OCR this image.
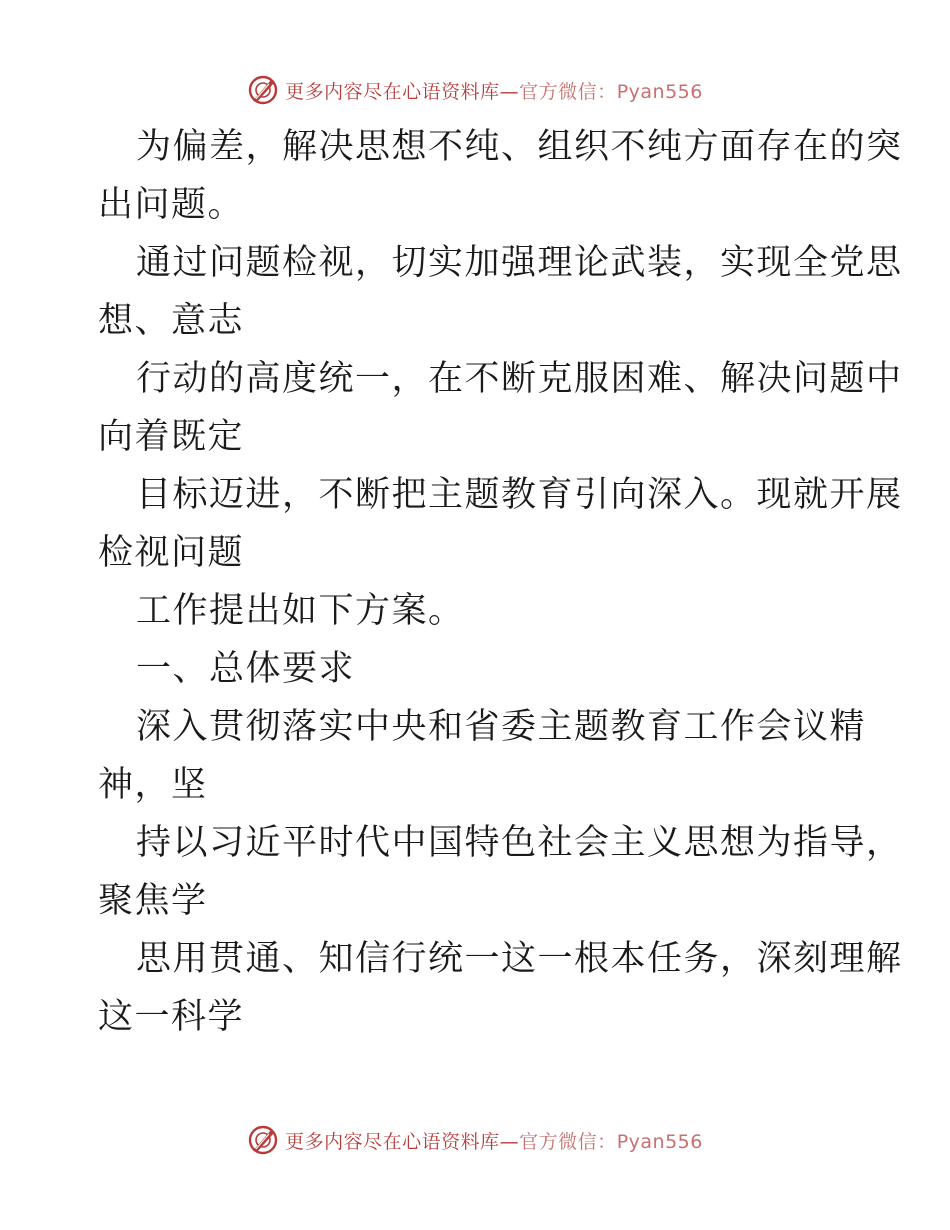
更多内容尽在心语资料库—官方微信：Pyan556
为偏差，解决思想不纯、组织不纯方面存在的突
出问题。
通过问题检视，切实加强理论武装，实现全党思
想、意志
行动的高度统一，在不断克服困难、解决问题中
向着既定
目标迈进，不断把主题教育引向深入。现就开展
检视问题
工作提出如下方案。
一、总体要求
深入贯彻落实中央和省委主题教育工作会议精
神，坚
持以习近平时代中国特色社会主义思想为指导，
聚焦学
思用贯通、知信行统一这一根本任务，深刻理解
这一科学
更多内容尽在心语资料库—官方微信：Pyan556
